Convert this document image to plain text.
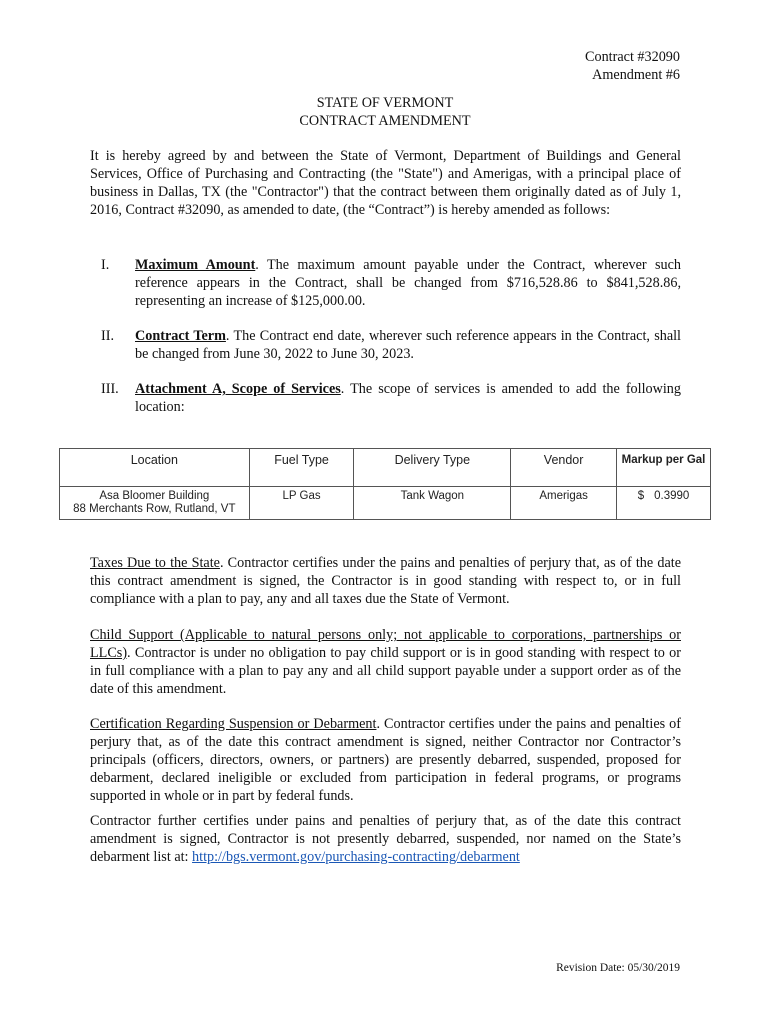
Contract #32090
Amendment #6
STATE OF VERMONT
CONTRACT AMENDMENT

It is hereby agreed by and between the State of Vermont, Department of Buildings and General Services, Office of Purchasing and Contracting (the "State") and Amerigas, with a principal place of business in Dallas, TX (the "Contractor") that the contract between them originally dated as of July 1, 2016, Contract #32090, as amended to date, (the “Contract”) is hereby amended as follows:

I. Maximum Amount. The maximum amount payable under the Contract, wherever such reference appears in the Contract, shall be changed from $716,528.86 to $841,528.86, representing an increase of $125,000.00.
II. Contract Term. The Contract end date, wherever such reference appears in the Contract, shall be changed from June 30, 2022 to June 30, 2023.
III. Attachment A, Scope of Services. The scope of services is amended to add the following location:
Location	Fuel Type	Delivery Type	Vendor	Markup per Gal

Asa Bloomer Building
88 Merchants Row, Rutland, VT	LP Gas	Tank Wagon	Amerigas	$ 0.3990

Taxes Due to the State. Contractor certifies under the pains and penalties of perjury that, as of the date this contract amendment is signed, the Contractor is in good standing with respect to, or in full compliance with a plan to pay, any and all taxes due the State of Vermont.

Child Support (Applicable to natural persons only; not applicable to corporations, partnerships or LLCs). Contractor is under no obligation to pay child support or is in good standing with respect to or in full compliance with a plan to pay any and all child support payable under a support order as of the date of this amendment.

Certification Regarding Suspension or Debarment. Contractor certifies under the pains and penalties of perjury that, as of the date this contract amendment is signed, neither Contractor nor Contractor’s principals (officers, directors, owners, or partners) are presently debarred, suspended, proposed for debarment, declared ineligible or excluded from participation in federal programs, or programs supported in whole or in part by federal funds.

Contractor further certifies under pains and penalties of perjury that, as of the date this contract amendment is signed, Contractor is not presently debarred, suspended, nor named on the State’s debarment list at: http://bgs.vermont.gov/purchasing-contracting/debarment

Revision Date: 05/30/2019
